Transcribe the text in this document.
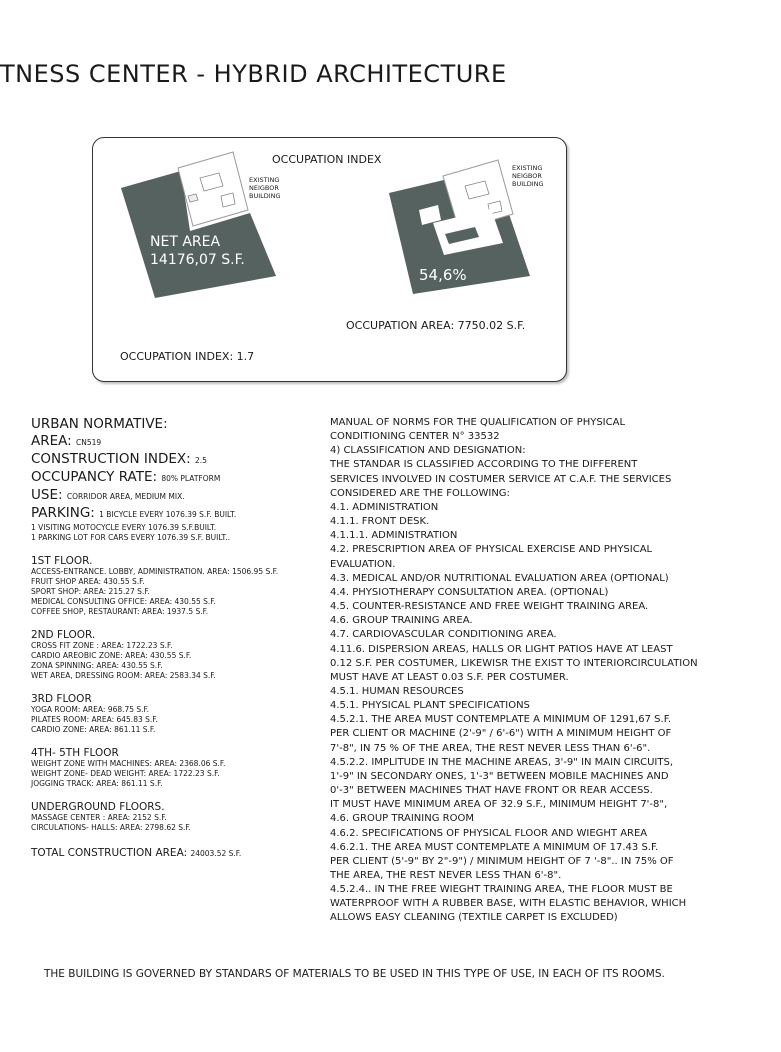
TNESS CENTER - HYBRID ARCHITECTURE
OCCUPATION INDEX
EXISTING
NEIGBOR
BUILDING
EXISTING
NEIGBOR
BUILDING
NET AREA
14176,07 S.F.
54,6%
OCCUPATION AREA: 7750.02 S.F.
OCCUPATION INDEX: 1.7
URBAN NORMATIVE:
AREA: CN519
CONSTRUCTION INDEX: 2.5
OCCUPANCY RATE: 80% PLATFORM
USE: CORRIDOR AREA, MEDIUM MIX.
PARKING: 1 BICYCLE EVERY 1076.39 S.F. BUILT.
1 VISITING MOTOCYCLE EVERY 1076.39 S.F.BUILT.
1 PARKING LOT FOR CARS EVERY 1076.39 S.F. BUILT..
1ST FLOOR.
ACCESS-ENTRANCE. LOBBY, ADMINISTRATION. AREA: 1506.95 S.F.
FRUIT SHOP AREA: 430.55 S.F.
SPORT SHOP: AREA: 215.27 S.F.
MEDICAL CONSULTING OFFICE: AREA: 430.55 S.F.
COFFEE SHOP, RESTAURANT: AREA: 1937.5 S.F.
2ND FLOOR.
CROSS FIT ZONE : AREA: 1722.23 S.F.
CARDIO AREOBIC ZONE: AREA: 430.55 S.F.
ZONA SPINNING: AREA: 430.55 S.F.
WET AREA, DRESSING ROOM: AREA: 2583.34 S.F.
3RD FLOOR
YOGA ROOM: AREA: 968.75 S.F.
PILATES ROOM: AREA: 645.83 S.F.
CARDIO ZONE: AREA: 861.11 S.F.
4TH- 5TH FLOOR
WEIGHT ZONE WITH MACHINES: AREA: 2368.06 S.F.
WEIGHT ZONE- DEAD WEIGHT: AREA: 1722.23 S.F.
JOGGING TRACK: AREA: 861.11 S.F.
UNDERGROUND FLOORS.
MASSAGE CENTER : AREA: 2152 S.F.
CIRCULATIONS- HALLS: AREA: 2798.62 S.F.
TOTAL CONSTRUCTION AREA: 24003.52 S.F.
MANUAL OF NORMS FOR THE QUALIFICATION OF PHYSICAL
CONDITIONING CENTER N° 33532
4) CLASSIFICATION AND DESIGNATION:
THE STANDAR IS CLASSIFIED ACCORDING TO THE DIFFERENT
SERVICES INVOLVED IN COSTUMER SERVICE AT C.A.F. THE SERVICES
CONSIDERED ARE THE FOLLOWING:
4.1. ADMINISTRATION
4.1.1. FRONT DESK.
4.1.1.1. ADMINISTRATION
4.2. PRESCRIPTION AREA OF PHYSICAL EXERCISE AND PHYSICAL
EVALUATION.
4.3. MEDICAL AND/OR NUTRITIONAL EVALUATION AREA (OPTIONAL)
4.4. PHYSIOTHERAPY CONSULTATION AREA. (OPTIONAL)
4.5. COUNTER-RESISTANCE AND FREE WEIGHT TRAINING AREA.
4.6. GROUP TRAINING AREA.
4.7. CARDIOVASCULAR CONDITIONING AREA.
4.11.6. DISPERSION AREAS, HALLS OR LIGHT PATIOS HAVE AT LEAST
0.12 S.F. PER COSTUMER, LIKEWISR THE EXIST TO INTERIORCIRCULATION
MUST HAVE AT LEAST 0.03 S.F. PER COSTUMER.
4.5.1. HUMAN RESOURCES
4.5.1. PHYSICAL PLANT SPECIFICATIONS
4.5.2.1. THE AREA MUST CONTEMPLATE A MINIMUM OF 1291,67 S.F.
PER CLIENT OR MACHINE (2'-9" / 6'-6") WITH A MINIMUM HEIGHT OF
7'-8", IN 75 % OF THE AREA, THE REST NEVER LESS THAN 6'-6".
4.5.2.2. IMPLITUDE IN THE MACHINE AREAS, 3'-9" IN MAIN CIRCUITS,
1'-9" IN SECONDARY ONES, 1'-3" BETWEEN MOBILE MACHINES AND
0'-3" BETWEEN MACHINES THAT HAVE FRONT OR REAR ACCESS.
IT MUST HAVE MINIMUM AREA OF 32.9 S.F., MINIMUM HEIGHT 7'-8",
4.6. GROUP TRAINING ROOM
4.6.2. SPECIFICATIONS OF PHYSICAL FLOOR AND WIEGHT AREA
4.6.2.1. THE AREA MUST CONTEMPLATE A MINIMUM OF 17.43 S.F.
PER CLIENT (5'-9" BY 2"-9") / MINIMUM HEIGHT OF 7 '-8".. IN 75% OF
THE AREA, THE REST NEVER LESS THAN 6'-8".
4.5.2.4.. IN THE FREE WIEGHT TRAINING AREA, THE FLOOR MUST BE
WATERPROOF WITH A RUBBER BASE, WITH ELASTIC BEHAVIOR, WHICH
ALLOWS EASY CLEANING (TEXTILE CARPET IS EXCLUDED)
THE BUILDING IS GOVERNED BY STANDARS OF MATERIALS TO BE USED IN THIS TYPE OF USE, IN EACH OF ITS ROOMS.
